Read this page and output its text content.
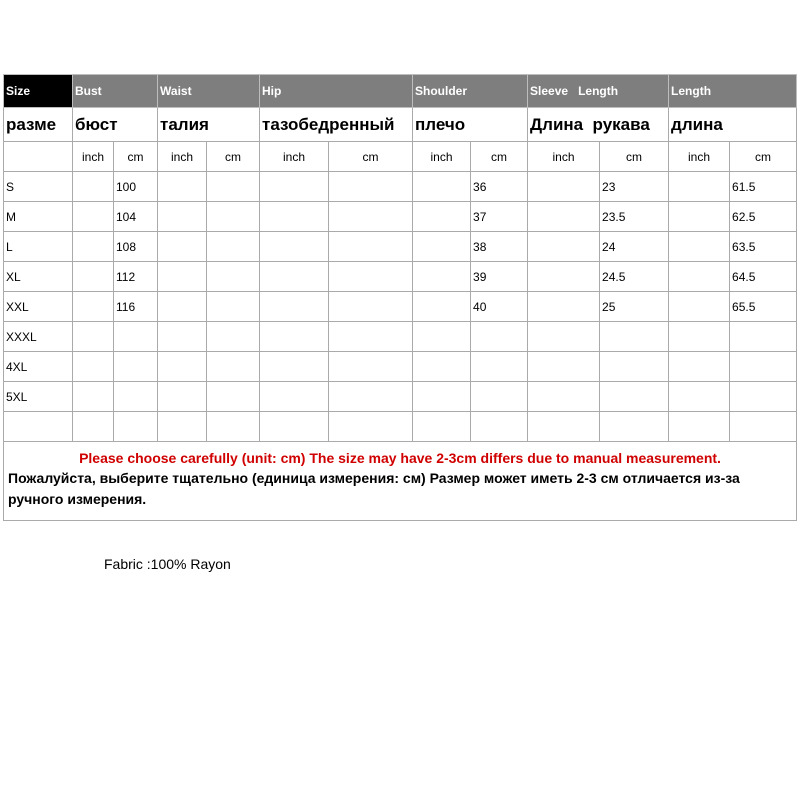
Size	Bust		Waist		Hip		Shoulder		Sleeve   Length		Length	
разме	бюст		талия		тазобедренный		плечо		Длина  рукава		длина	
	inch	cm	inch	cm	inch	cm	inch	cm	inch	cm	inch	cm
S		100						36		23		61.5
M		104						37		23.5		62.5
L		108						38		24		63.5
XL		112						39		24.5		64.5
XXL		116						40		25		65.5
XXXL												
4XL												
5XL												

Please choose carefully (unit: cm) The size may have 2-3cm differs due to manual measurement.
Пожалуйста, выберите тщательно (единица измерения: см) Размер может иметь 2-3 см отличается из-за ручного измерения.												
Fabric :100% Rayon
